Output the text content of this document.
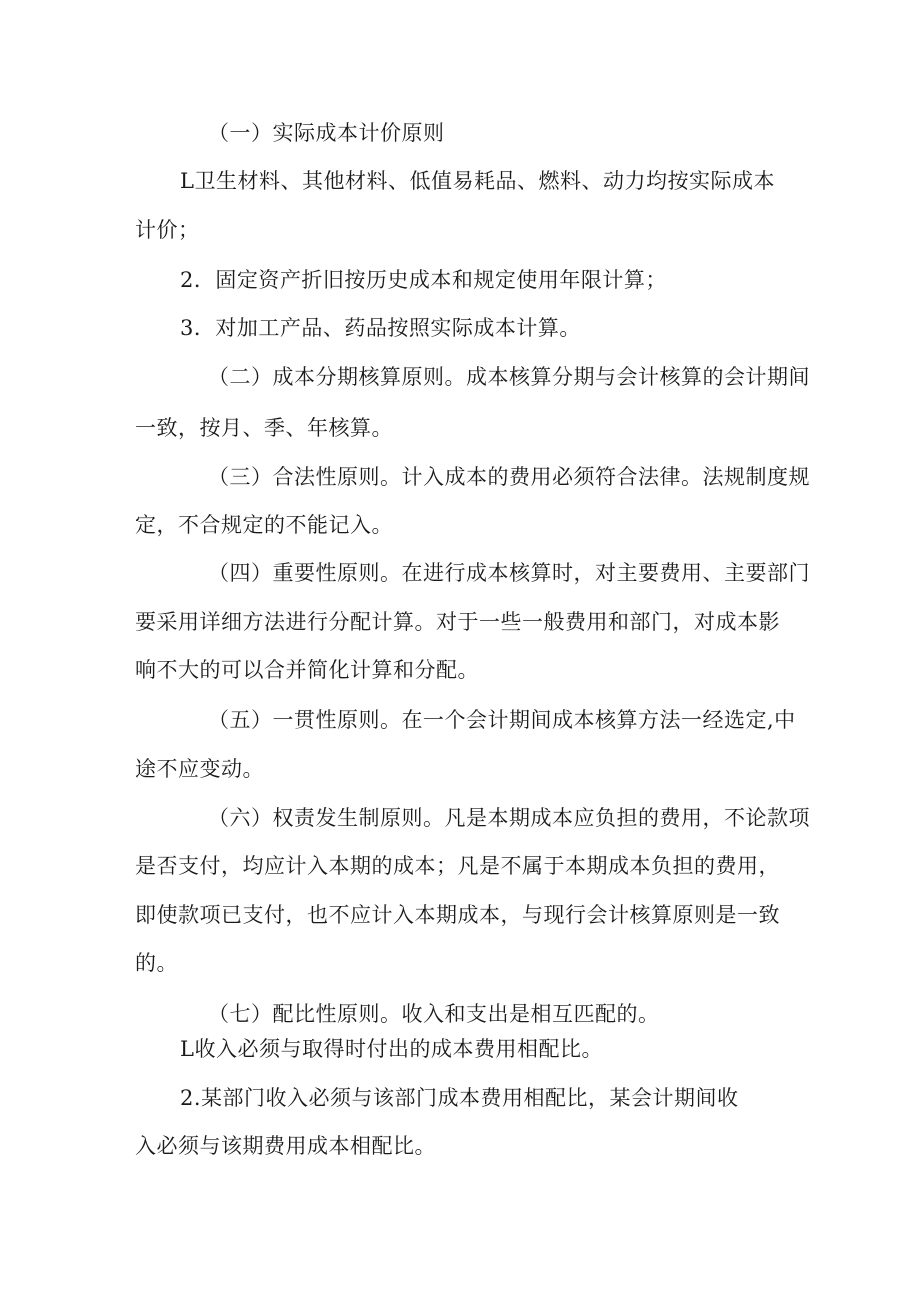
（一）实际成本计价原则
L卫生材料、其他材料、低值易耗品、燃料、动力均按实际成本
计价；
2．固定资产折旧按历史成本和规定使用年限计算；
3．对加工产品、药品按照实际成本计算。
（二）成本分期核算原则。成本核算分期与会计核算的会计期间
一致，按月、季、年核算。
（三）合法性原则。计入成本的费用必须符合法律。法规制度规
定，不合规定的不能记入。
（四）重要性原则。在进行成本核算时，对主要费用、主要部门
要采用详细方法进行分配计算。对于一些一般费用和部门，对成本影
响不大的可以合并简化计算和分配。
（五）一贯性原则。在一个会计期间成本核算方法一经选定,中
途不应变动。
（六）权责发生制原则。凡是本期成本应负担的费用，不论款项
是否支付，均应计入本期的成本；凡是不属于本期成本负担的费用，
即使款项已支付，也不应计入本期成本，与现行会计核算原则是一致
的。
（七）配比性原则。收入和支出是相互匹配的。
L收入必须与取得时付出的成本费用相配比。
2.某部门收入必须与该部门成本费用相配比，某会计期间收
入必须与该期费用成本相配比。
